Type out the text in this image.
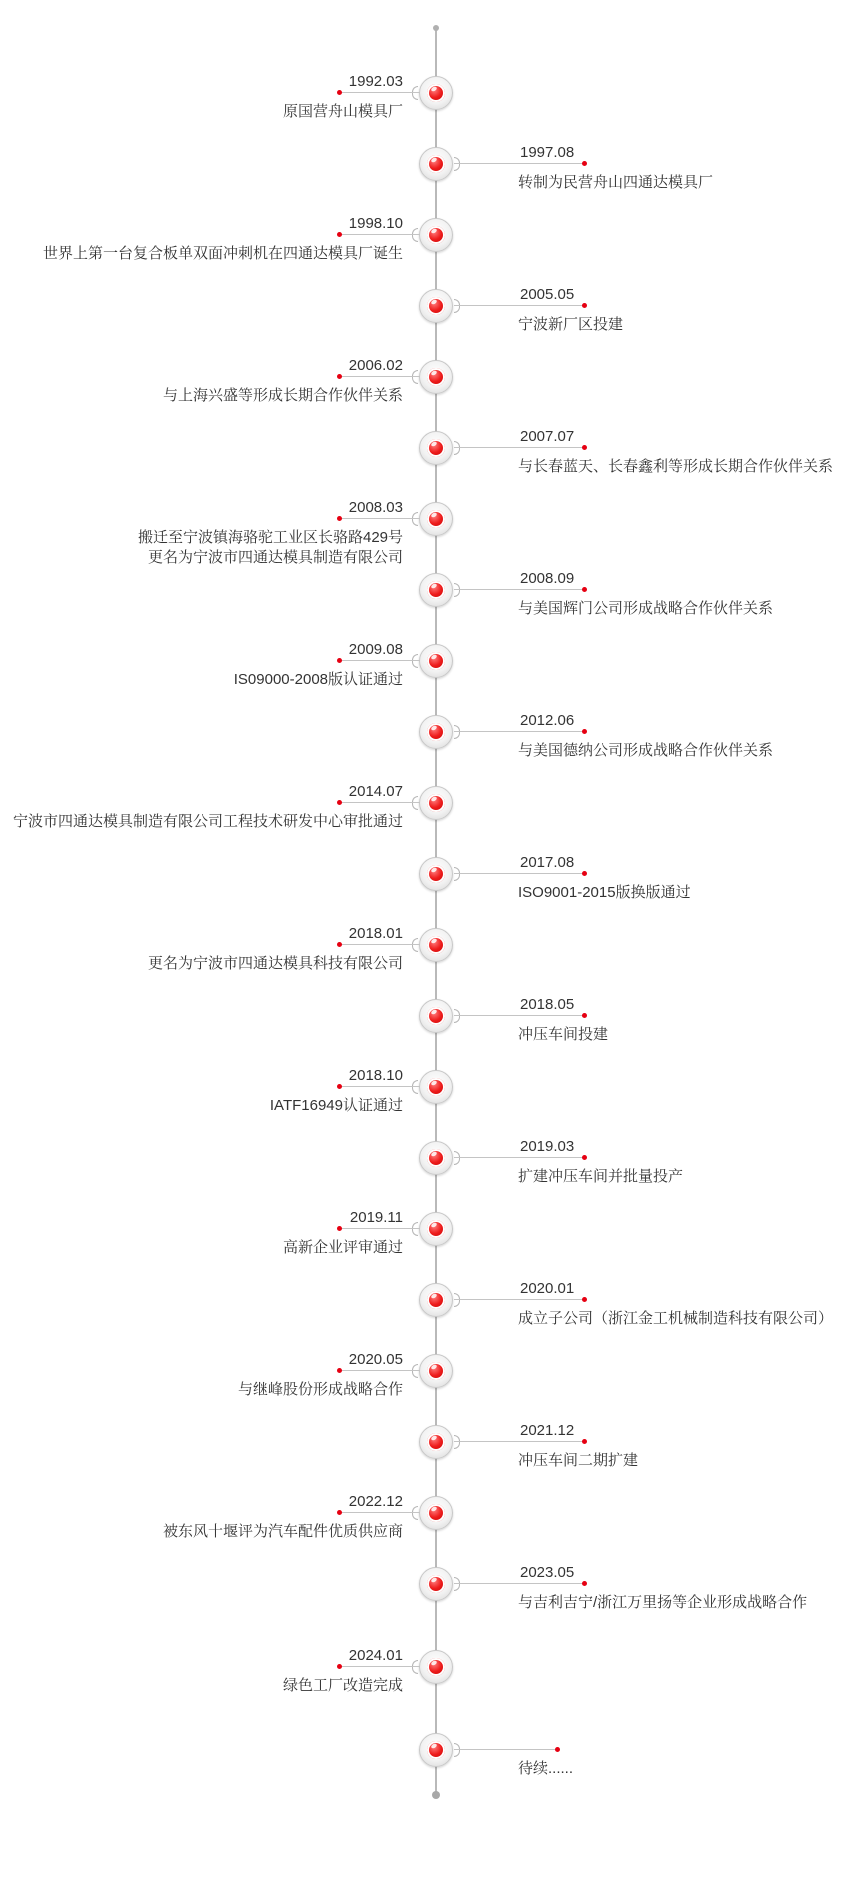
1992.03
原国营舟山模具厂
1997.08
转制为民营舟山四通达模具厂
1998.10
世界上第一台复合板单双面冲刺机在四通达模具厂诞生
2005.05
宁波新厂区投建
2006.02
与上海兴盛等形成长期合作伙伴关系
2007.07
与长春蓝天、长春鑫利等形成长期合作伙伴关系
2008.03
搬迁至宁波镇海骆驼工业区长骆路429号
更名为宁波市四通达模具制造有限公司
2008.09
与美国辉门公司形成战略合作伙伴关系
2009.08
IS09000-2008版认证通过
2012.06
与美国德纳公司形成战略合作伙伴关系
2014.07
宁波市四通达模具制造有限公司工程技术研发中心审批通过
2017.08
ISO9001-2015版换版通过
2018.01
更名为宁波市四通达模具科技有限公司
2018.05
冲压车间投建
2018.10
IATF16949认证通过
2019.03
扩建冲压车间并批量投产
2019.11
高新企业评审通过
2020.01
成立子公司（浙江金工机械制造科技有限公司）
2020.05
与继峰股份形成战略合作
2021.12
冲压车间二期扩建
2022.12
被东风十堰评为汽车配件优质供应商
2023.05
与吉利吉宁/浙江万里扬等企业形成战略合作
2024.01
绿色工厂改造完成
待续......
